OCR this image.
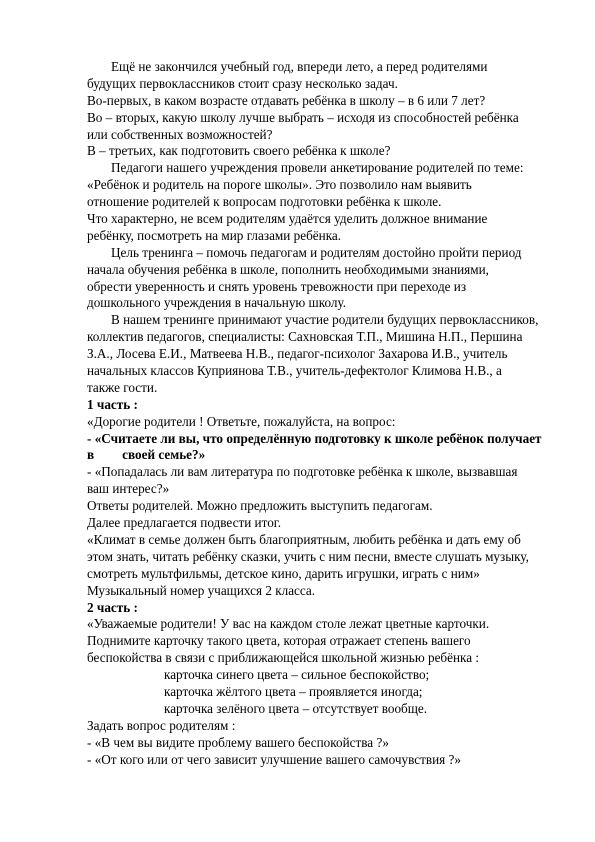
Ещё не закончился учебный год, впереди лето, а перед родителями
будущих первоклассников стоит сразу несколько задач.
Во-первых, в каком возрасте отдавать ребёнка в школу – в 6 или 7 лет?
Во – вторых, какую школу лучше выбрать – исходя из способностей ребёнка
или собственных возможностей?
В – третьих, как подготовить своего ребёнка к школе?
Педагоги нашего учреждения провели анкетирование родителей по теме:
«Ребёнок и родитель на пороге школы». Это позволило нам выявить
отношение родителей к вопросам подготовки ребёнка к школе.
Что характерно, не всем родителям удаётся уделить должное внимание
ребёнку, посмотреть на мир глазами ребёнка.
Цель тренинга – помочь педагогам и родителям достойно пройти период
начала обучения ребёнка в школе, пополнить необходимыми знаниями,
обрести уверенность и снять уровень тревожности при переходе из
дошкольного учреждения в начальную школу.
В нашем тренинге принимают участие родители будущих первоклассников,
коллектив педагогов, специалисты: Сахновская Т.П., Мишина Н.П., Першина
З.А., Лосева Е.И., Матвеева Н.В., педагог-психолог Захарова И.В., учитель
начальных классов Куприянова Т.В., учитель-дефектолог Климова Н.В., а
также гости.
1 часть :
«Дорогие родители ! Ответьте, пожалуйста, на вопрос:
- «Считаете ли вы, что определённую подготовку к школе ребёнок получает
в своей семье?»
- «Попадалась ли вам литература по подготовке ребёнка к школе, вызвавшая
ваш интерес?»
Ответы родителей. Можно предложить выступить педагогам.
Далее предлагается подвести итог.
«Климат в семье должен быть благоприятным, любить ребёнка и дать ему об
этом знать, читать ребёнку сказки, учить с ним песни, вместе слушать музыку,
смотреть мультфильмы, детское кино, дарить игрушки, играть с ним»
Музыкальный номер учащихся 2 класса.
2 часть :
«Уважаемые родители! У вас на каждом столе лежат цветные карточки.
Поднимите карточку такого цвета, которая отражает степень вашего
беспокойства в связи с приближающейся школьной жизнью ребёнка :
карточка синего цвета – сильное беспокойство;
карточка жёлтого цвета – проявляется иногда;
карточка зелёного цвета – отсутствует вообще.
Задать вопрос родителям :
- «В чем вы видите проблему вашего беспокойства ?»
- «От кого или от чего зависит улучшение вашего самочувствия ?»
